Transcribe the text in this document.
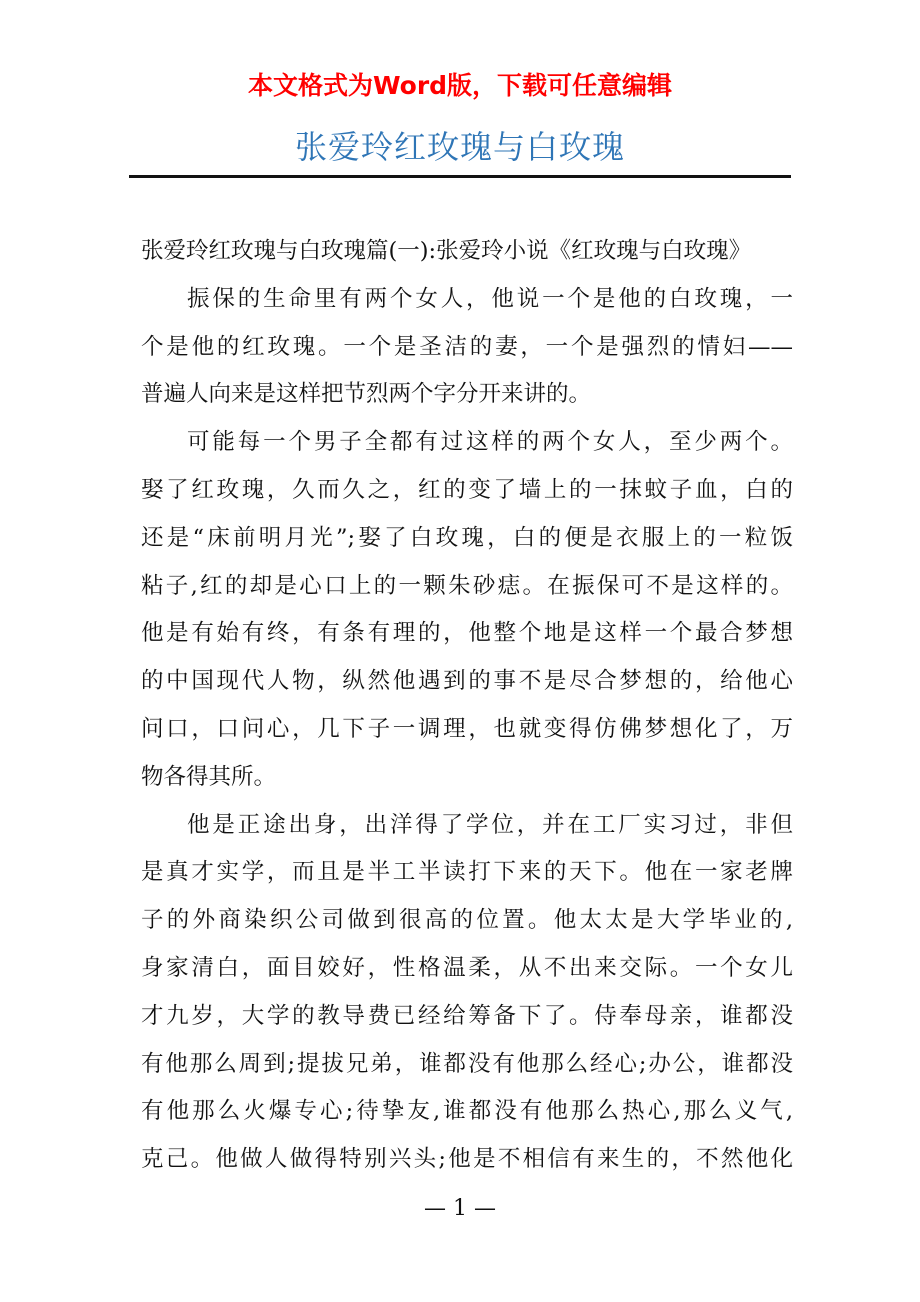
本文格式为Word版，下载可任意编辑
张爱玲红玫瑰与白玫瑰
张爱玲红玫瑰与白玫瑰篇(一):张爱玲小说《红玫瑰与白玫瑰》
振保的生命里有两个女人，他说一个是他的白玫瑰，一
个是他的红玫瑰。一个是圣洁的妻，一个是强烈的情妇——
普遍人向来是这样把节烈两个字分开来讲的。
可能每一个男子全都有过这样的两个女人，至少两个。
娶了红玫瑰，久而久之，红的变了墙上的一抹蚊子血，白的
还是“床前明月光”;娶了白玫瑰，白的便是衣服上的一粒饭
粘子,红的却是心口上的一颗朱砂痣。在振保可不是这样的。
他是有始有终，有条有理的，他整个地是这样一个最合梦想
的中国现代人物，纵然他遇到的事不是尽合梦想的，给他心
问口，口问心，几下子一调理，也就变得仿佛梦想化了，万
物各得其所。
他是正途出身，出洋得了学位，并在工厂实习过，非但
是真才实学，而且是半工半读打下来的天下。他在一家老牌
子的外商染织公司做到很高的位置。他太太是大学毕业的,
身家清白，面目姣好，性格温柔，从不出来交际。一个女儿
才九岁，大学的教导费已经给筹备下了。侍奉母亲，谁都没
有他那么周到;提拔兄弟，谁都没有他那么经心;办公，谁都没
有他那么火爆专心;待挚友,谁都没有他那么热心,那么义气,
克己。他做人做得特别兴头;他是不相信有来生的，不然他化
— 1 —
